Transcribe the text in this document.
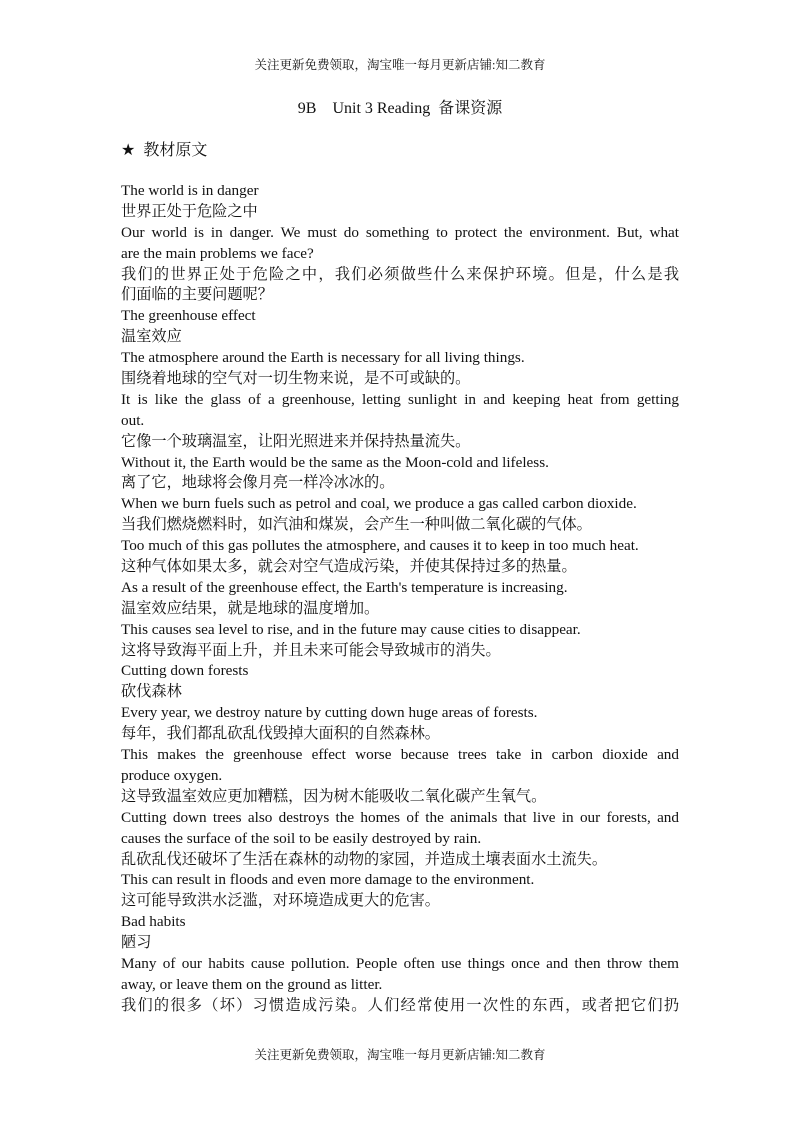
关注更新免费领取，淘宝唯一每月更新店铺:知二教育
9B    Unit 3 Reading  备课资源
★ 教材原文
The world is in danger
世界正处于危险之中
Our world is in danger. We must do something to protect the environment. But, what
are the main problems we face?
我们的世界正处于危险之中，我们必须做些什么来保护环境。但是，什么是我
们面临的主要问题呢？
The greenhouse effect
温室效应
The atmosphere around the Earth is necessary for all living things.
围绕着地球的空气对一切生物来说，是不可或缺的。
It is like the glass of a greenhouse, letting sunlight in and keeping heat from getting
out.
它像一个玻璃温室，让阳光照进来并保持热量流失。
Without it, the Earth would be the same as the Moon-cold and lifeless.
离了它，地球将会像月亮一样冷冰冰的。
When we burn fuels such as petrol and coal, we produce a gas called carbon dioxide.
当我们燃烧燃料时，如汽油和煤炭，会产生一种叫做二氧化碳的气体。
Too much of this gas pollutes the atmosphere, and causes it to keep in too much heat.
这种气体如果太多，就会对空气造成污染，并使其保持过多的热量。
As a result of the greenhouse effect, the Earth's temperature is increasing.
温室效应结果，就是地球的温度增加。
This causes sea level to rise, and in the future may cause cities to disappear.
这将导致海平面上升，并且未来可能会导致城市的消失。
Cutting down forests
砍伐森林
Every year, we destroy nature by cutting down huge areas of forests.
每年，我们都乱砍乱伐毁掉大面积的自然森林。
This makes the greenhouse effect worse because trees take in carbon dioxide and
produce oxygen.
这导致温室效应更加糟糕，因为树木能吸收二氧化碳产生氧气。
Cutting down trees also destroys the homes of the animals that live in our forests, and
causes the surface of the soil to be easily destroyed by rain.
乱砍乱伐还破坏了生活在森林的动物的家园，并造成土壤表面水土流失。
This can result in floods and even more damage to the environment.
这可能导致洪水泛滥，对环境造成更大的危害。
Bad habits
陋习
Many of our habits cause pollution. People often use things once and then throw them
away, or leave them on the ground as litter.
我们的很多（坏）习惯造成污染。人们经常使用一次性的东西，或者把它们扔
关注更新免费领取，淘宝唯一每月更新店铺:知二教育
